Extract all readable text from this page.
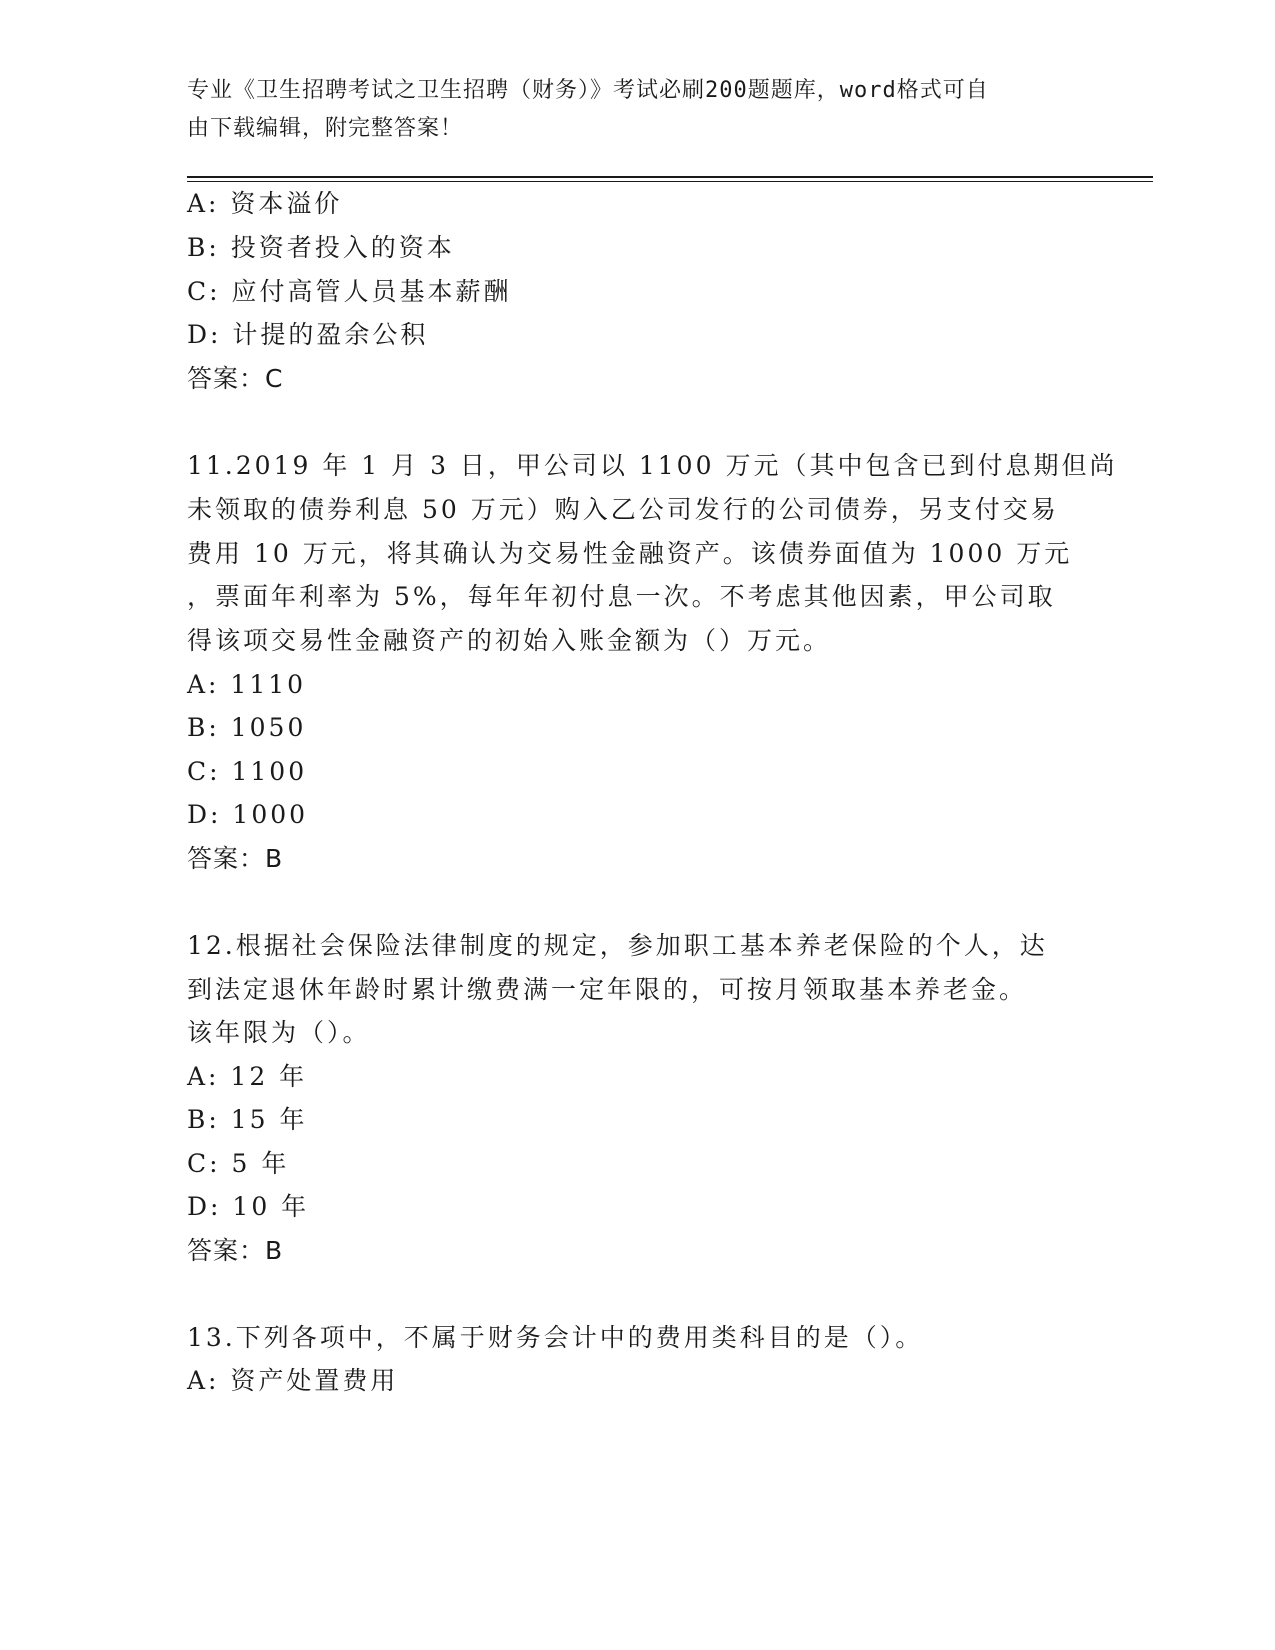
专业《卫生招聘考试之卫生招聘（财务）》考试必刷200题题库，word格式可自
由下载编辑，附完整答案！
A: 资本溢价
B: 投资者投入的资本
C: 应付高管人员基本薪酬
D: 计提的盈余公积
答案：C
11.2019 年 1 月 3 日，甲公司以 1100 万元（其中包含已到付息期但尚
未领取的债券利息 50 万元）购入乙公司发行的公司债券，另支付交易
费用 10 万元，将其确认为交易性金融资产。该债券面值为 1000 万元
，票面年利率为 5%，每年年初付息一次。不考虑其他因素，甲公司取
得该项交易性金融资产的初始入账金额为（）万元。
A: 1110
B: 1050
C: 1100
D: 1000
答案：B
12.根据社会保险法律制度的规定，参加职工基本养老保险的个人，达
到法定退休年龄时累计缴费满一定年限的，可按月领取基本养老金。
该年限为（）。
A: 12 年
B: 15 年
C: 5 年
D: 10 年
答案：B
13.下列各项中，不属于财务会计中的费用类科目的是（）。
A: 资产处置费用
